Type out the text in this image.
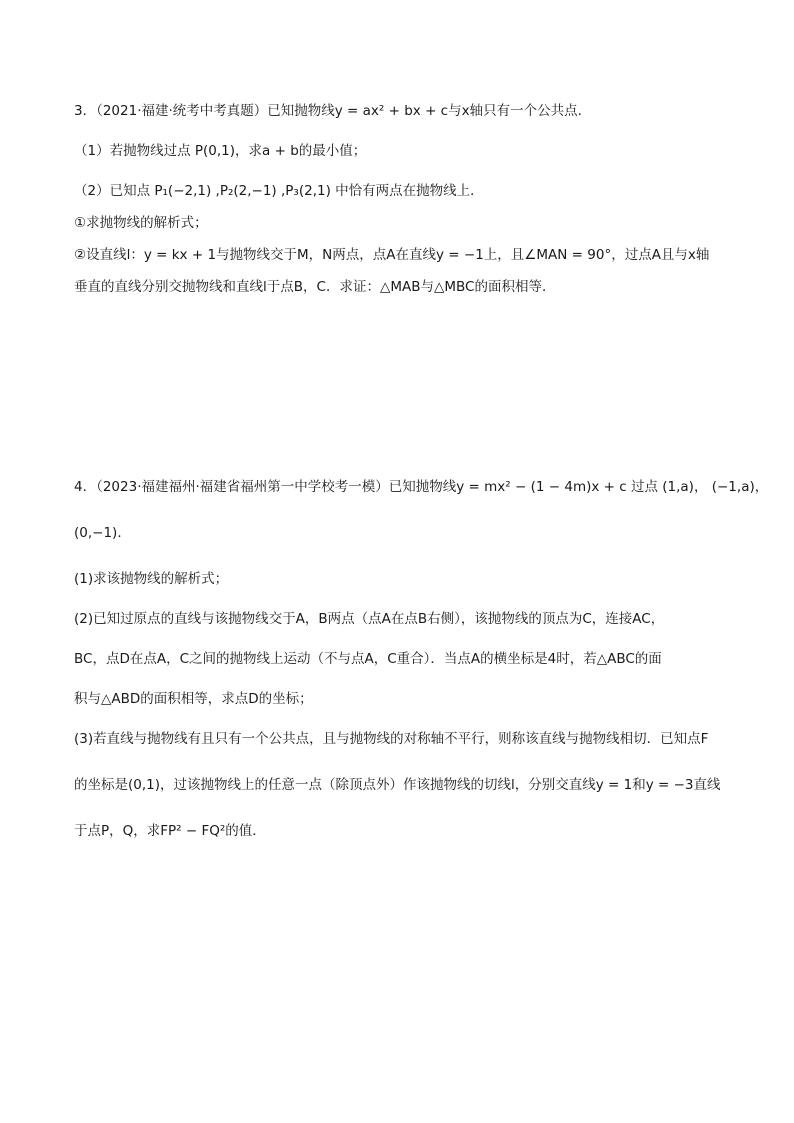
3．（2021·福建·统考中考真题）已知抛物线y = ax² + bx + c与x轴只有一个公共点．

（1）若抛物线过点 P(0,1)，求a + b的最小值；

（2）已知点 P₁(−2,1) ,P₂(2,−1) ,P₃(2,1) 中恰有两点在抛物线上．

①求抛物线的解析式；

②设直线l：y = kx + 1与抛物线交于M，N两点，点A在直线y = −1上，且∠MAN = 90°，过点A且与x轴

垂直的直线分别交抛物线和直线l于点B，C．求证：△MAB与△MBC的面积相等．

4．（2023·福建福州·福建省福州第一中学校考一模）已知抛物线y = mx² − (1 − 4m)x + c 过点 (1,a)， (−1,a)，

(0,−1)．

(1)求该抛物线的解析式；

(2)已知过原点的直线与该抛物线交于A，B两点（点A在点B右侧），该抛物线的顶点为C，连接AC，

BC，点D在点A，C之间的抛物线上运动（不与点A，C重合）．当点A的横坐标是4时，若△ABC的面

积与△ABD的面积相等，求点D的坐标；

(3)若直线与抛物线有且只有一个公共点，且与抛物线的对称轴不平行，则称该直线与抛物线相切．已知点F

的坐标是(0,1)，过该抛物线上的任意一点（除顶点外）作该抛物线的切线l，分别交直线y = 1和y = −3直线

于点P，Q，求FP² − FQ²的值．
